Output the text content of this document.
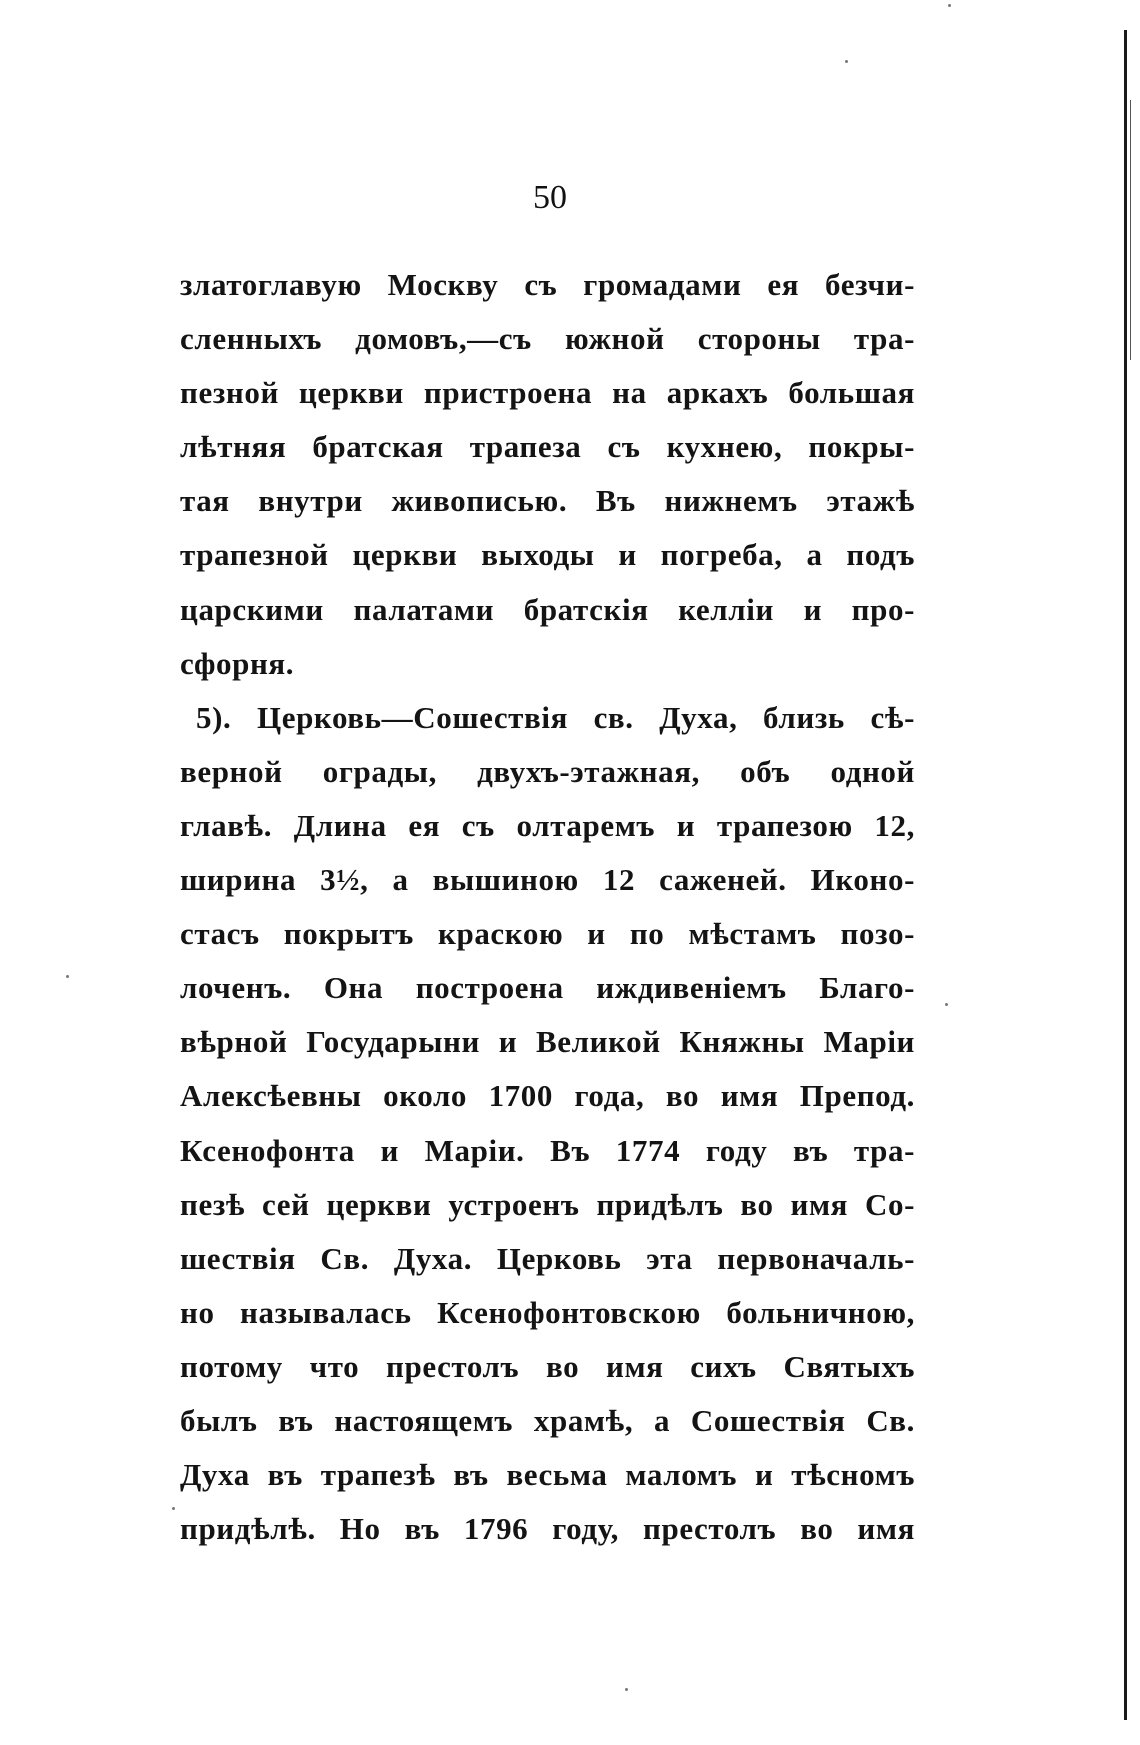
50
златоглавую Москву съ громадами ея безчи-
сленныхъ домовъ,—съ южной стороны тра-
пезной церкви пристроена на аркахъ большая
лѣтняя братская трапеза съ кухнею, покры-
тая внутри живописью. Въ нижнемъ этажѣ
трапезной церкви выходы и погреба, а подъ
царскими палатами братскія келліи и про-
сфорня.
5). Церковь—Сошествія св. Духа, близь сѣ-
верной ограды, двухъ-этажная, объ одной
главѣ. Длина ея съ олтаремъ и трапезою 12,
ширина 3½, а вышиною 12 саженей. Иконо-
стасъ покрытъ краскою и по мѣстамъ позо-
лоченъ. Она построена иждивеніемъ Благо-
вѣрной Государыни и Великой Княжны Маріи
Алексѣевны около 1700 года, во имя Препод.
Ксенофонта и Маріи. Въ 1774 году въ тра-
пезѣ сей церкви устроенъ придѣлъ во имя Со-
шествія Св. Духа. Церковь эта первоначаль-
но называлась Ксенофонтовскою больничною,
потому что престолъ во имя сихъ Святыхъ
былъ въ настоящемъ храмѣ, а Сошествія Св.
Духа въ трапезѣ въ весьма маломъ и тѣсномъ
придѣлѣ. Но въ 1796 году, престолъ во имя
